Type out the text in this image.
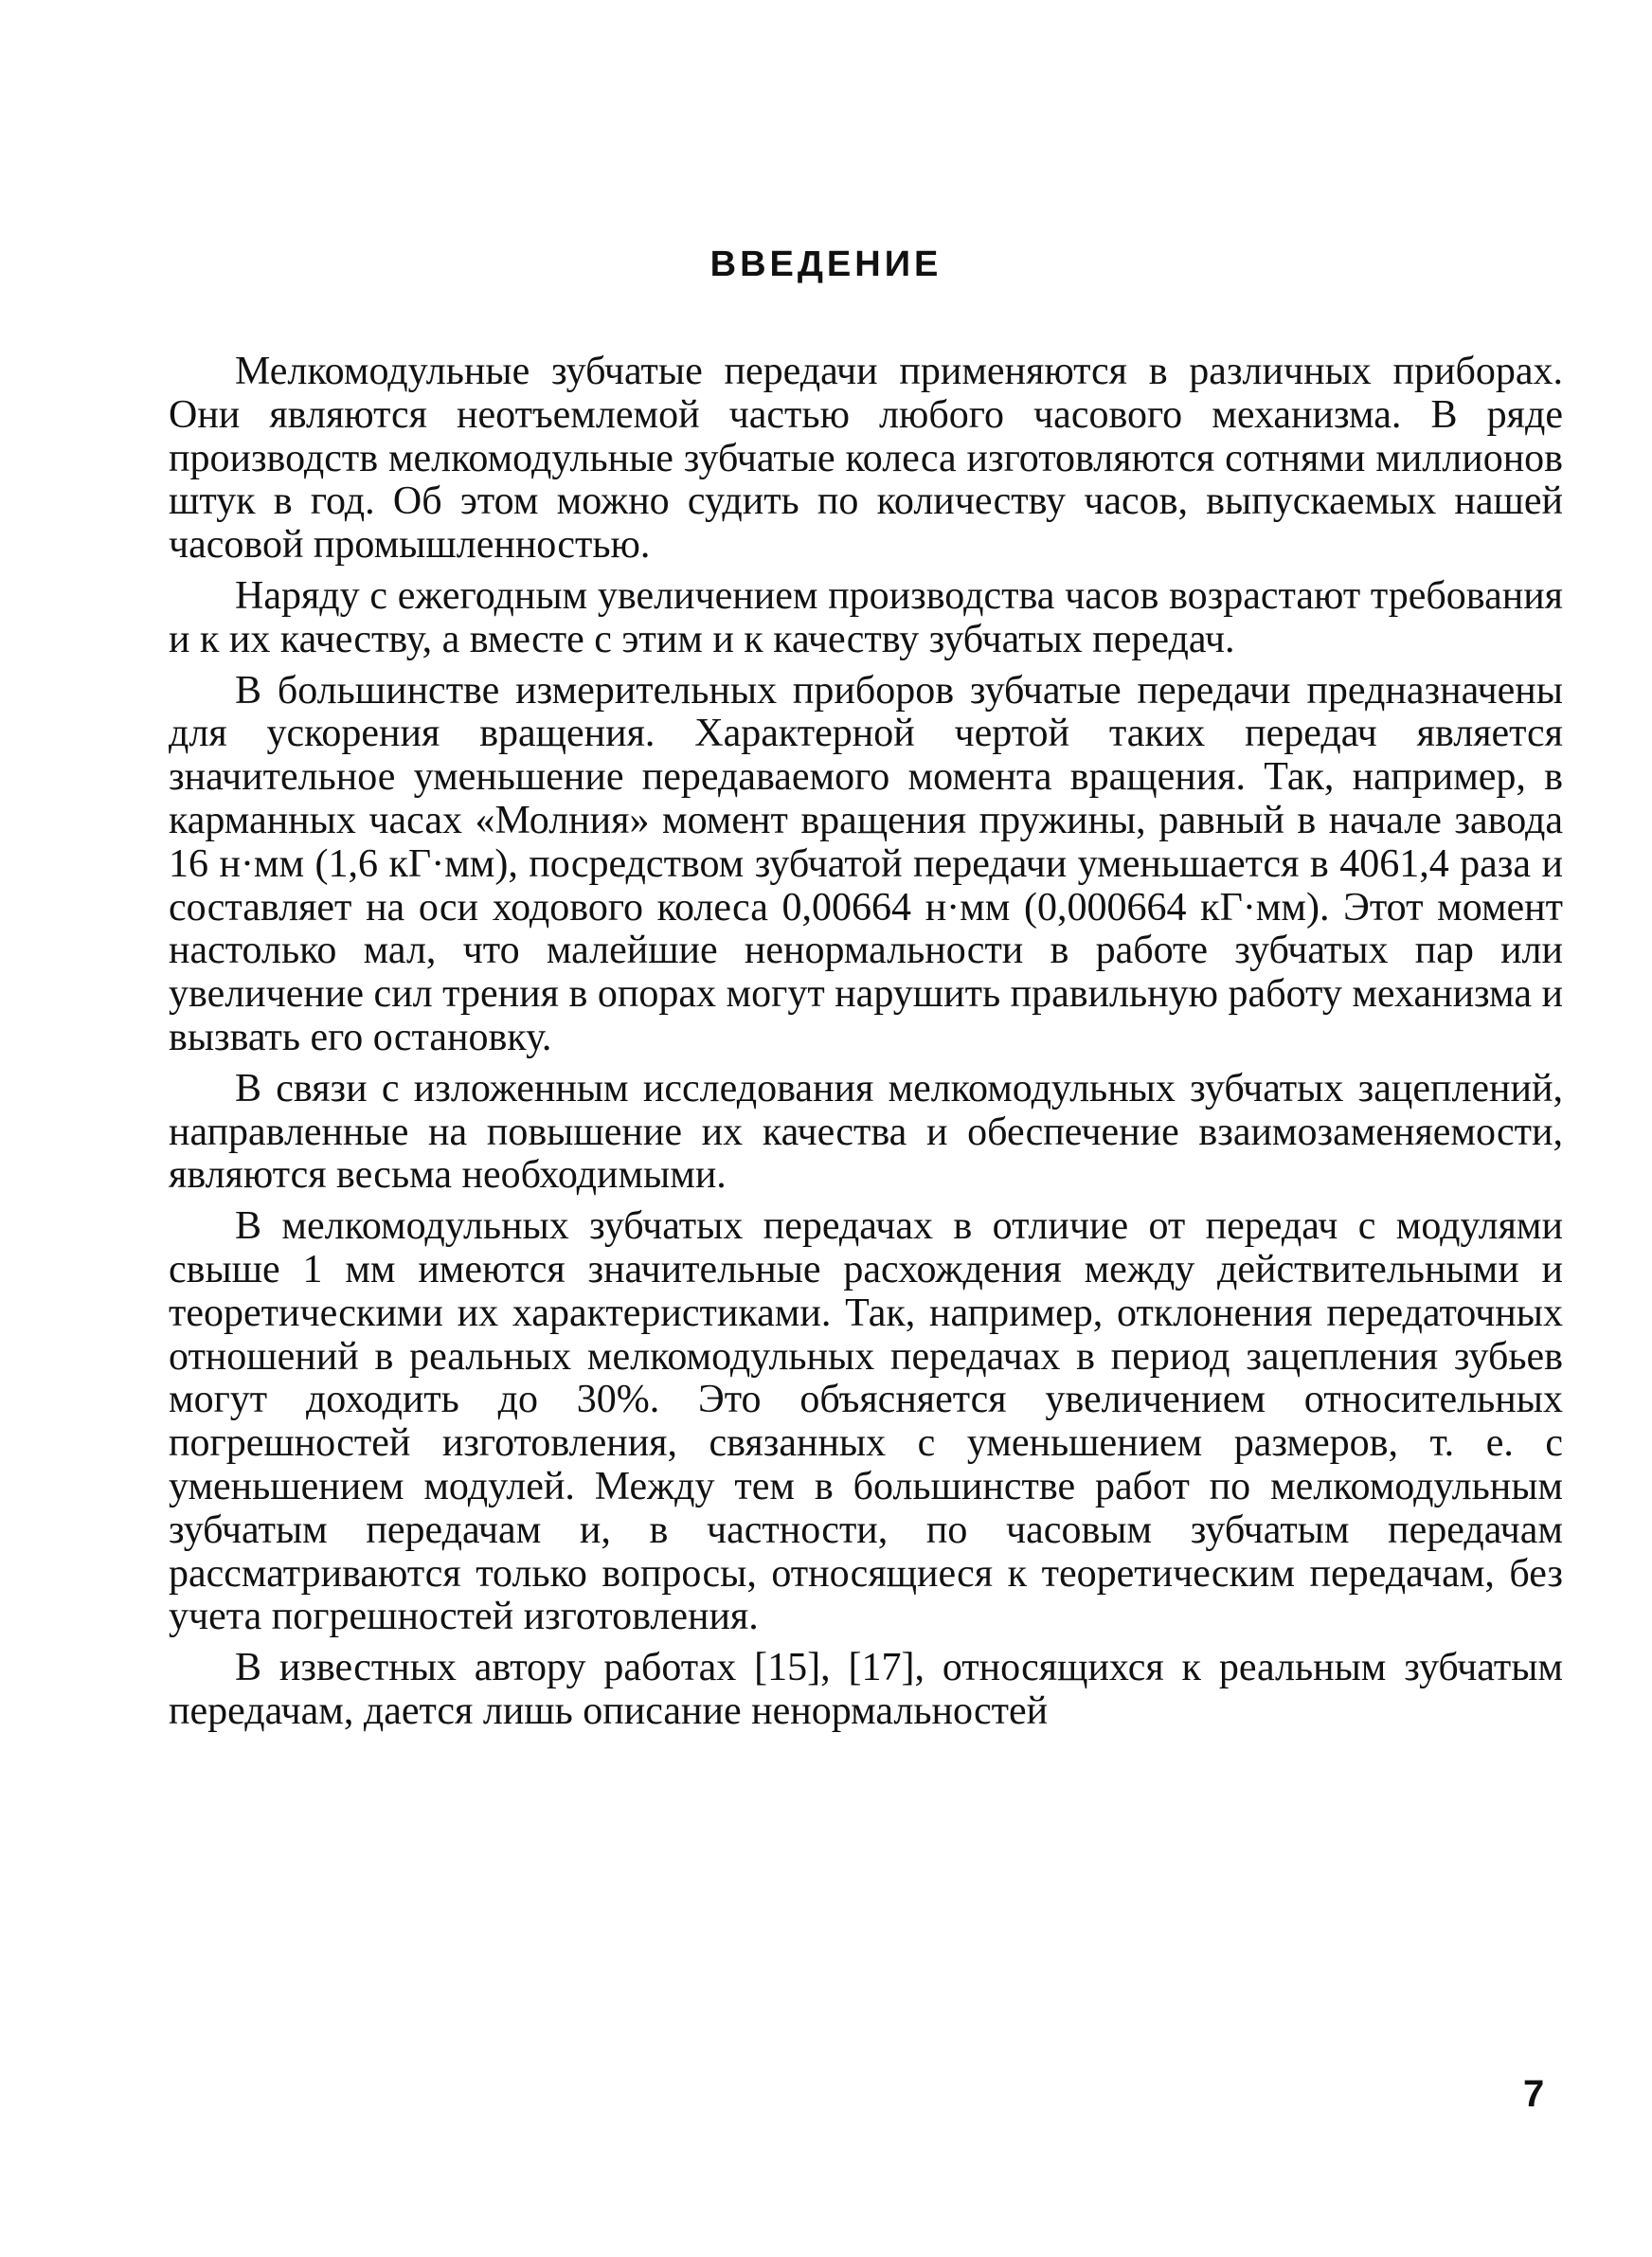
ВВЕДЕНИЕ

Мелкомодульные зубчатые передачи применяются в различных приборах. Они являются неотъемлемой частью любого часового механизма. В ряде производств мелкомодульные зубчатые колеса изготовляются сотнями миллионов штук в год. Об этом можно судить по количеству часов, выпускаемых нашей часовой промышленностью.

Наряду с ежегодным увеличением производства часов возрастают требования и к их качеству, а вместе с этим и к качеству зубчатых передач.

В большинстве измерительных приборов зубчатые передачи предназначены для ускорения вращения. Характерной чертой таких передач является значительное уменьшение передаваемого момента вращения. Так, например, в карманных часах «Молния» момент вращения пружины, равный в начале завода 16 н·мм (1,6 кГ·мм), посредством зубчатой передачи уменьшается в 4061,4 раза и составляет на оси ходового колеса 0,00664 н·мм (0,000664 кГ·мм). Этот момент настолько мал, что малейшие ненормальности в работе зубчатых пар или увеличение сил трения в опорах могут нарушить правильную работу механизма и вызвать его остановку.

В связи с изложенным исследования мелкомодульных зубчатых зацеплений, направленные на повышение их качества и обеспечение взаимозаменяемости, являются весьма необходимыми.

В мелкомодульных зубчатых передачах в отличие от передач с модулями свыше 1 мм имеются значительные расхождения между действительными и теоретическими их характеристиками. Так, например, отклонения передаточных отношений в реальных мелкомодульных передачах в период зацепления зубьев могут доходить до 30%. Это объясняется увеличением относительных погрешностей изготовления, связанных с уменьшением размеров, т. е. с уменьшением модулей. Между тем в большинстве работ по мелкомодульным зубчатым передачам и, в частности, по часовым зубчатым передачам рассматриваются только вопросы, относящиеся к теоретическим передачам, без учета погрешностей изготовления.

В известных автору работах [15], [17], относящихся к реальным зубчатым передачам, дается лишь описание ненормальностей

7
